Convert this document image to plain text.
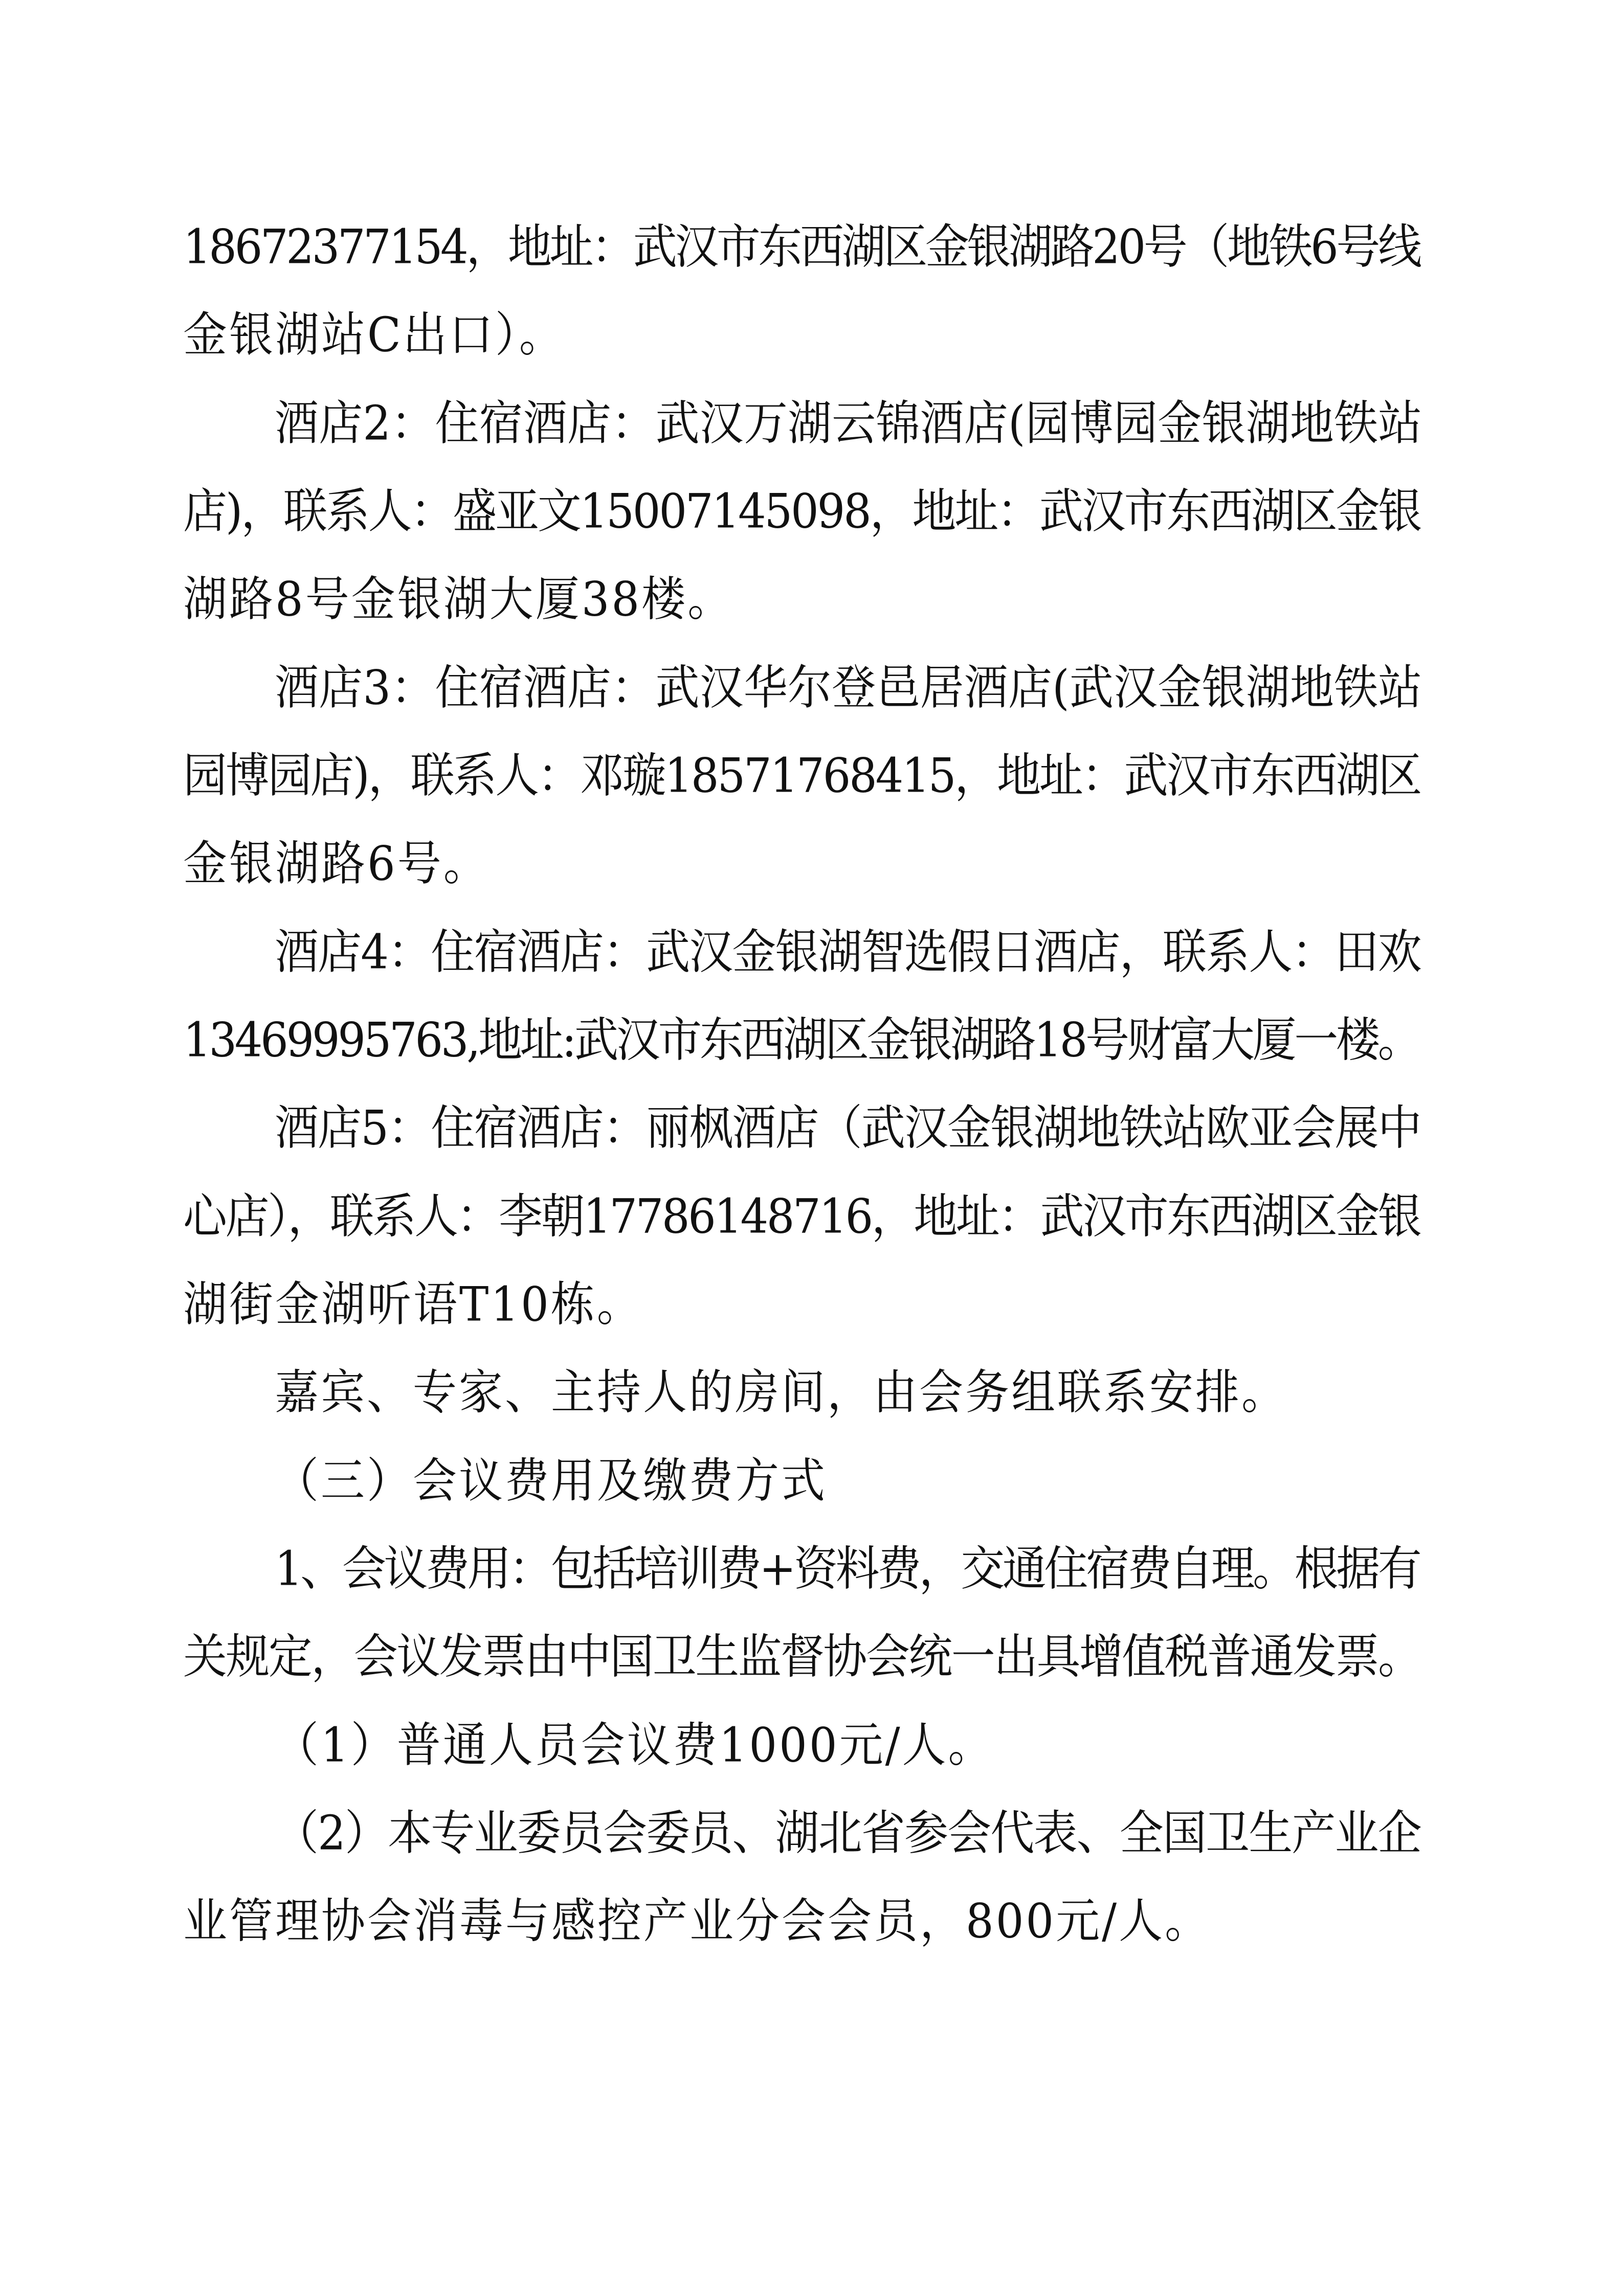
18672377154，地址：武汉市东西湖区金银湖路20号（地铁6号线
金银湖站C出口）。
酒店2：住宿酒店：武汉万湖云锦酒店(园博园金银湖地铁站
店)，联系人：盛亚文15007145098，地址：武汉市东西湖区金银
湖路8号金银湖大厦38楼。
酒店3：住宿酒店：武汉华尔登邑居酒店(武汉金银湖地铁站
园博园店)，联系人：邓璇18571768415，地址：武汉市东西湖区
金银湖路6号。
酒店4：住宿酒店：武汉金银湖智选假日酒店，联系人：田欢
13469995763,地址:武汉市东西湖区金银湖路18号财富大厦一楼。
酒店5：住宿酒店：丽枫酒店（武汉金银湖地铁站欧亚会展中
心店），联系人：李朝17786148716，地址：武汉市东西湖区金银
湖街金湖听语T10栋。
嘉宾、专家、主持人的房间，由会务组联系安排。
（三）会议费用及缴费方式
1、会议费用：包括培训费+资料费，交通住宿费自理。根据有
关规定，会议发票由中国卫生监督协会统一出具增值税普通发票。
（1）普通人员会议费1000元/人。
（2）本专业委员会委员、湖北省参会代表、全国卫生产业企
业管理协会消毒与感控产业分会会员，800元/人。
